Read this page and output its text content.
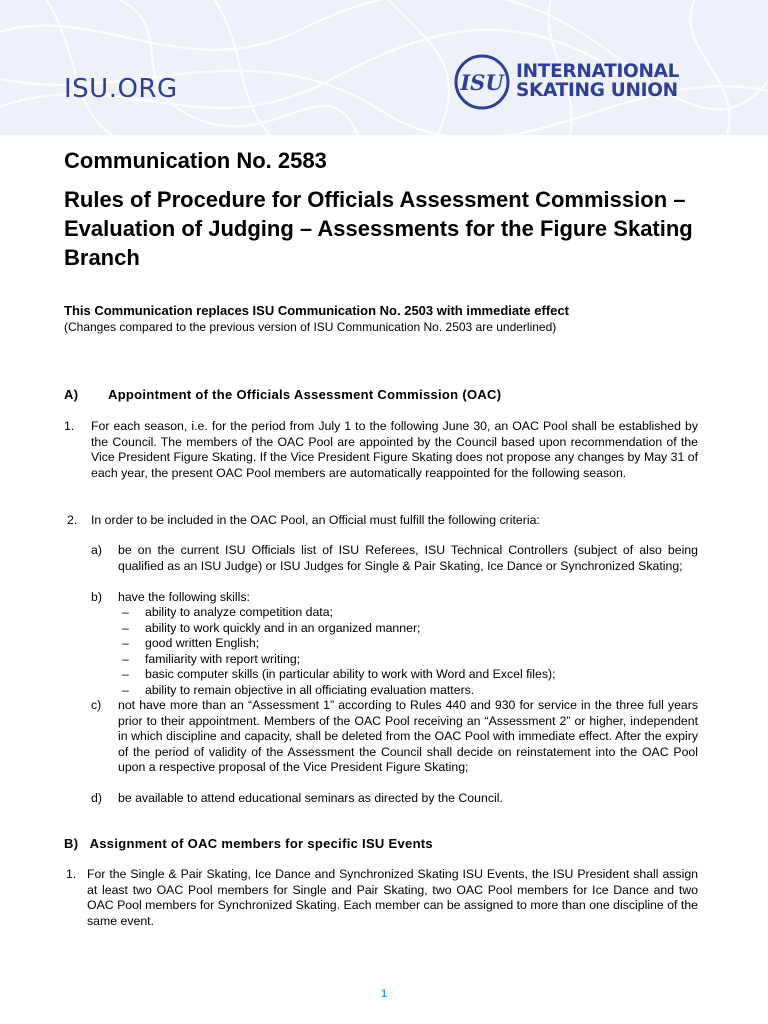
ISU.ORG	ISU INTERNATIONAL
SKATING UNION
Communication No. 2583
Rules of Procedure for Officials Assessment Commission – Evaluation of Judging – Assessments for the Figure Skating Branch
This Communication replaces ISU Communication No. 2503 with immediate effect
(Changes compared to the previous version of ISU Communication No. 2503 are underlined)
A) Appointment of the Officials Assessment Commission (OAC)
1. For each season, i.e. for the period from July 1 to the following June 30, an OAC Pool shall be established by the Council. The members of the OAC Pool are appointed by the Council based upon recommendation of the Vice President Figure Skating. If the Vice President Figure Skating does not propose any changes by May 31 of each year, the present OAC Pool members are automatically reappointed for the following season.
2. In order to be included in the OAC Pool, an Official must fulfill the following criteria:
a) be on the current ISU Officials list of ISU Referees, ISU Technical Controllers (subject of also being qualified as an ISU Judge) or ISU Judges for Single & Pair Skating, Ice Dance or Synchronized Skating;
b) have the following skills:
– ability to analyze competition data;
– ability to work quickly and in an organized manner;
– good written English;
– familiarity with report writing;
– basic computer skills (in particular ability to work with Word and Excel files);
– ability to remain objective in all officiating evaluation matters.
c) not have more than an “Assessment 1” according to Rules 440 and 930 for service in the three full years prior to their appointment. Members of the OAC Pool receiving an “Assessment 2” or higher, independent in which discipline and capacity, shall be deleted from the OAC Pool with immediate effect. After the expiry of the period of validity of the Assessment the Council shall decide on reinstatement into the OAC Pool upon a respective proposal of the Vice President Figure Skating;
d) be available to attend educational seminars as directed by the Council.
B)   Assignment of OAC members for specific ISU Events
1. For the Single & Pair Skating, Ice Dance and Synchronized Skating ISU Events, the ISU President shall assign at least two OAC Pool members for Single and Pair Skating, two OAC Pool members for Ice Dance and two OAC Pool members for Synchronized Skating. Each member can be assigned to more than one discipline of the same event.
1
